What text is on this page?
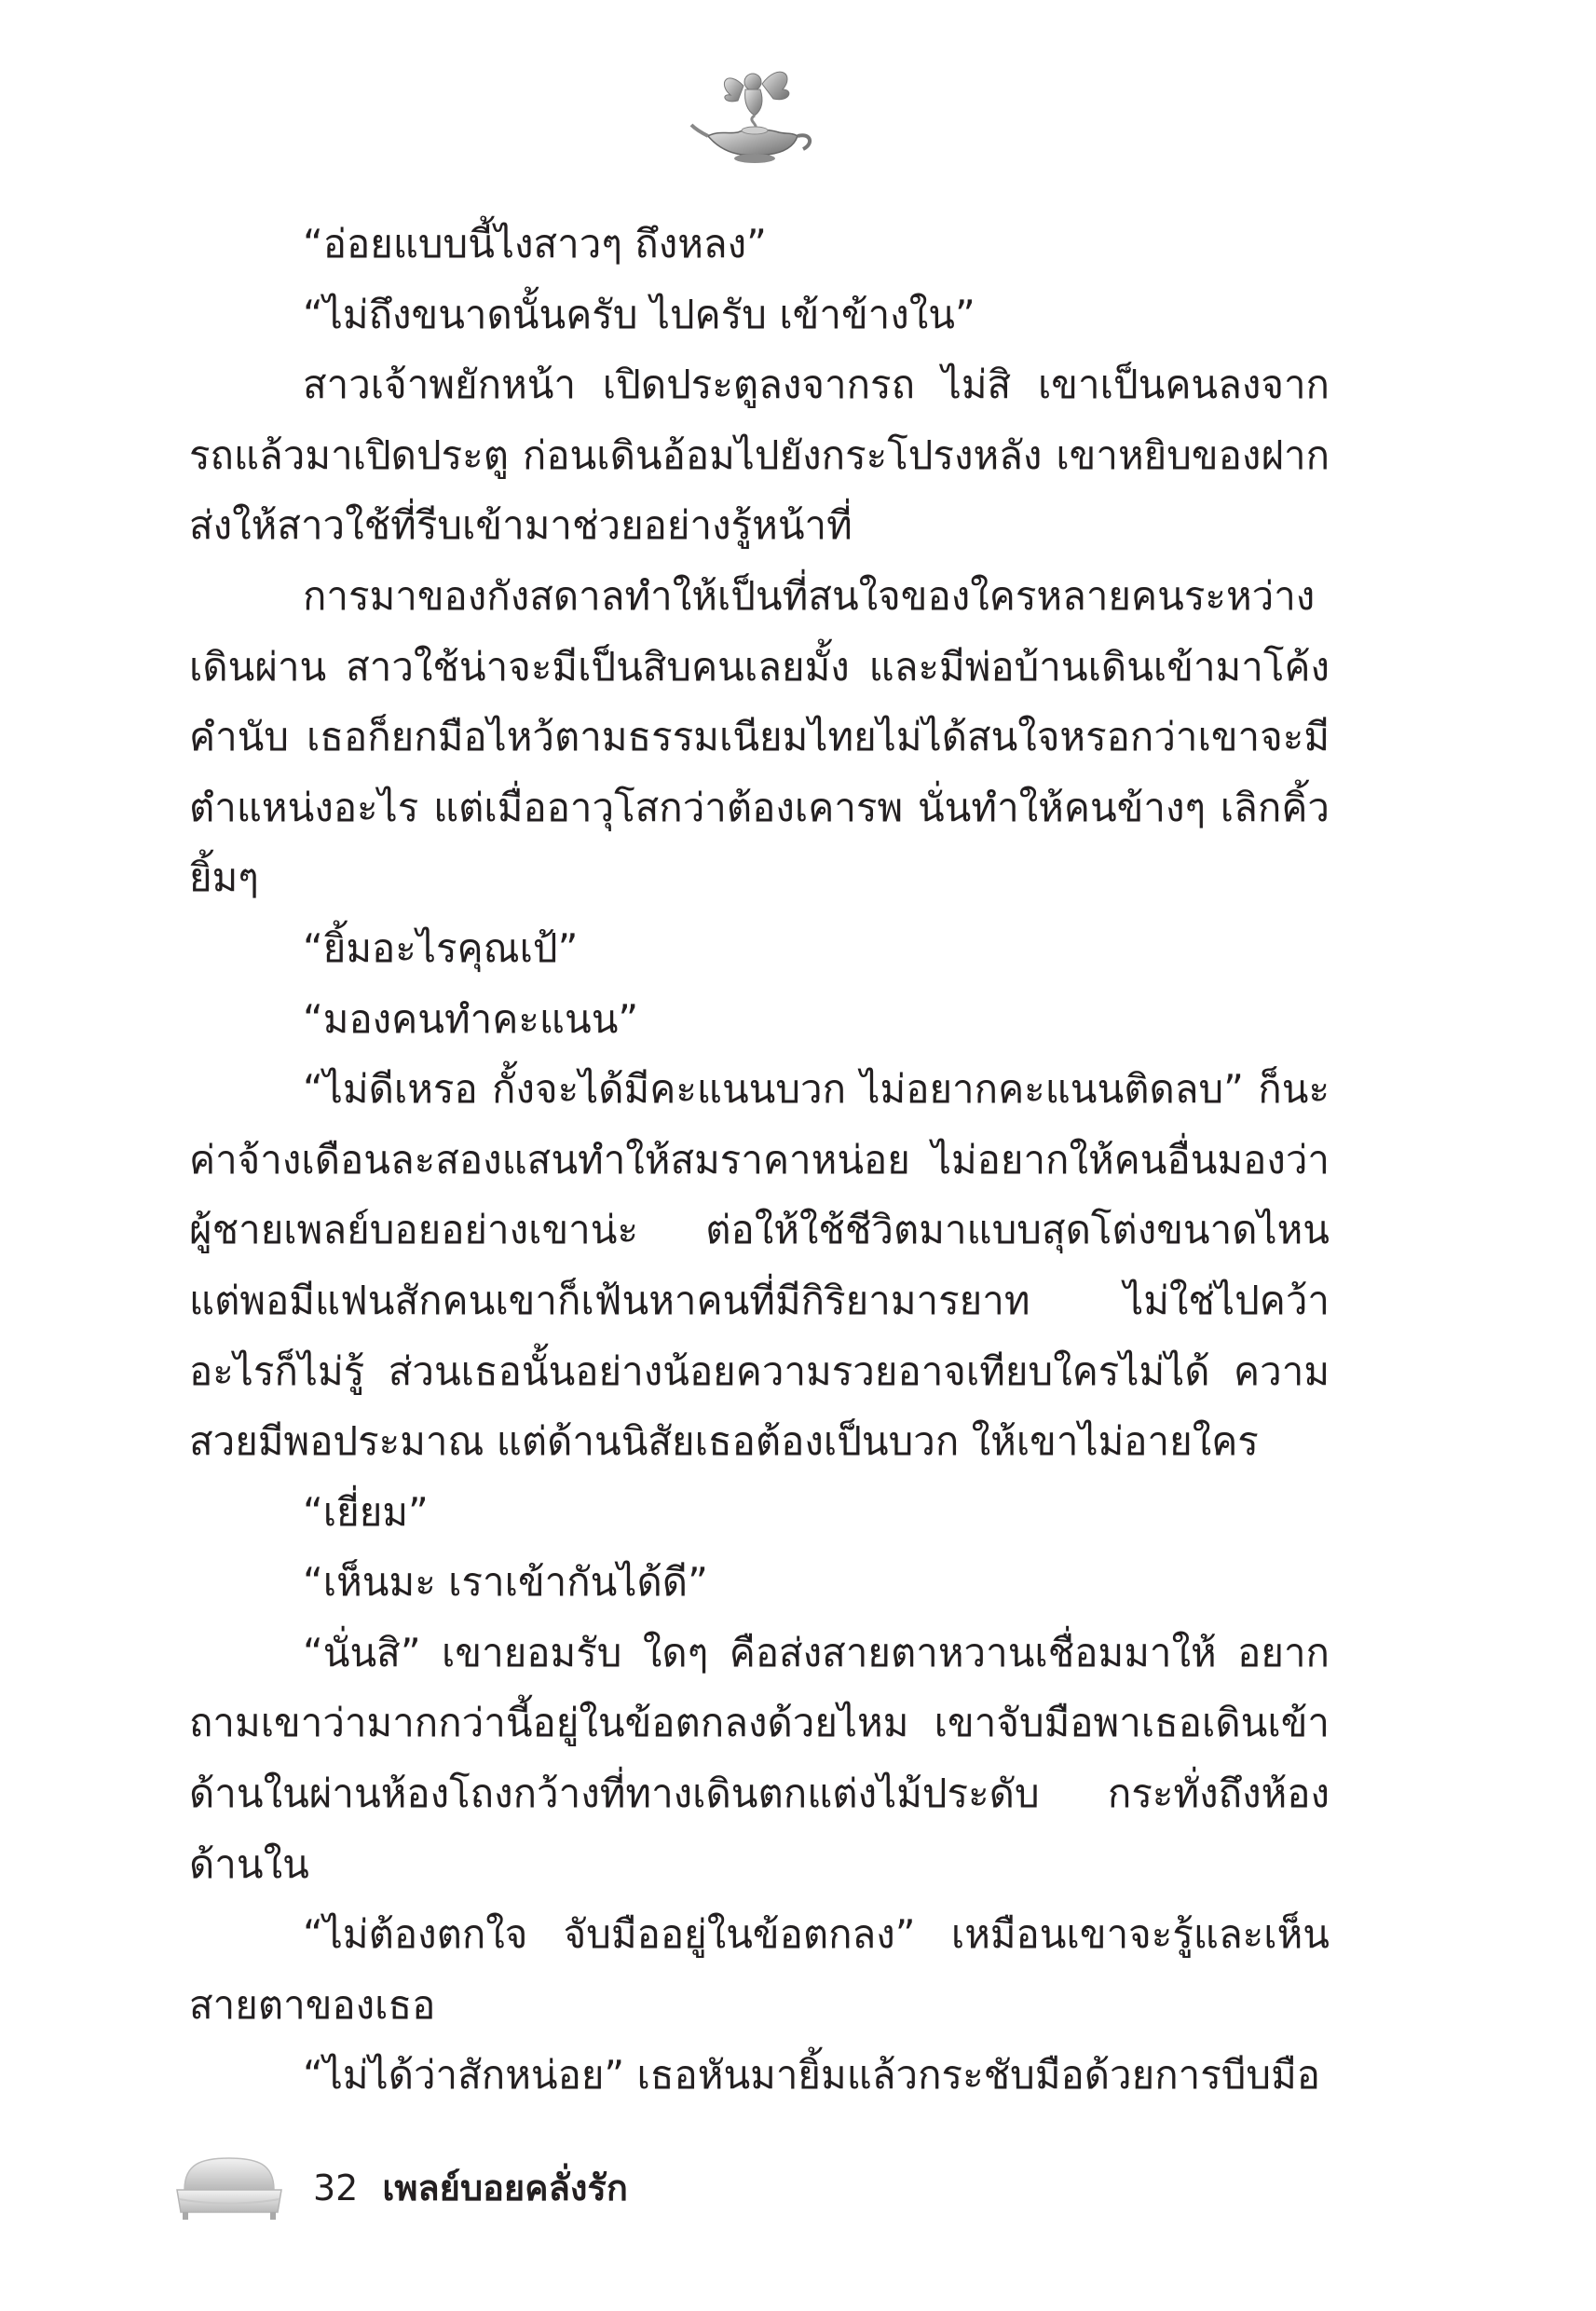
“อ่อยแบบนี้ไงสาวๆ ถึงหลง”

“ไม่ถึงขนาดนั้นครับ ไปครับ เข้าข้างใน”

สาวเจ้าพยักหน้า เปิดประตูลงจากรถ ไม่สิ เขาเป็นคนลงจากรถแล้วมาเปิดประตู ก่อนเดินอ้อมไปยังกระโปรงหลัง เขาหยิบของฝากส่งให้สาวใช้ที่รีบเข้ามาช่วยอย่างรู้หน้าที่

การมาของกังสดาลทำให้เป็นที่สนใจของใครหลายคนระหว่างเดินผ่าน สาวใช้น่าจะมีเป็นสิบคนเลยมั้ง และมีพ่อบ้านเดินเข้ามาโค้งคำนับ เธอก็ยกมือไหว้ตามธรรมเนียมไทยไม่ได้สนใจหรอกว่าเขาจะมีตำแหน่งอะไร แต่เมื่ออาวุโสกว่าต้องเคารพ นั่นทำให้คนข้างๆ เลิกคิ้วยิ้มๆ

“ยิ้มอะไรคุณเป้”

“มองคนทำคะแนน”

“ไม่ดีเหรอ กั้งจะได้มีคะแนนบวก ไม่อยากคะแนนติดลบ” ก็นะค่าจ้างเดือนละสองแสนทำให้สมราคาหน่อย ไม่อยากให้คนอื่นมองว่าผู้ชายเพลย์บอยอย่างเขาน่ะ ต่อให้ใช้ชีวิตมาแบบสุดโต่งขนาดไหน แต่พอมีแฟนสักคนเขาก็เฟ้นหาคนที่มีกิริยามารยาท ไม่ใช่ไปคว้าอะไรก็ไม่รู้ ส่วนเธอนั้นอย่างน้อยความรวยอาจเทียบใครไม่ได้ ความสวยมีพอประมาณ แต่ด้านนิสัยเธอต้องเป็นบวก ให้เขาไม่อายใคร

“เยี่ยม”

“เห็นมะ เราเข้ากันได้ดี”

“นั่นสิ” เขายอมรับ ใดๆ คือส่งสายตาหวานเชื่อมมาให้ อยากถามเขาว่ามากกว่านี้อยู่ในข้อตกลงด้วยไหม เขาจับมือพาเธอเดินเข้าด้านในผ่านห้องโถงกว้างที่ทางเดินตกแต่งไม้ประดับ กระทั่งถึงห้องด้านใน

“ไม่ต้องตกใจ จับมืออยู่ในข้อตกลง” เหมือนเขาจะรู้และเห็นสายตาของเธอ

“ไม่ได้ว่าสักหน่อย” เธอหันมายิ้มแล้วกระชับมือด้วยการบีบมือ

32 เพลย์บอยคลั่งรัก
